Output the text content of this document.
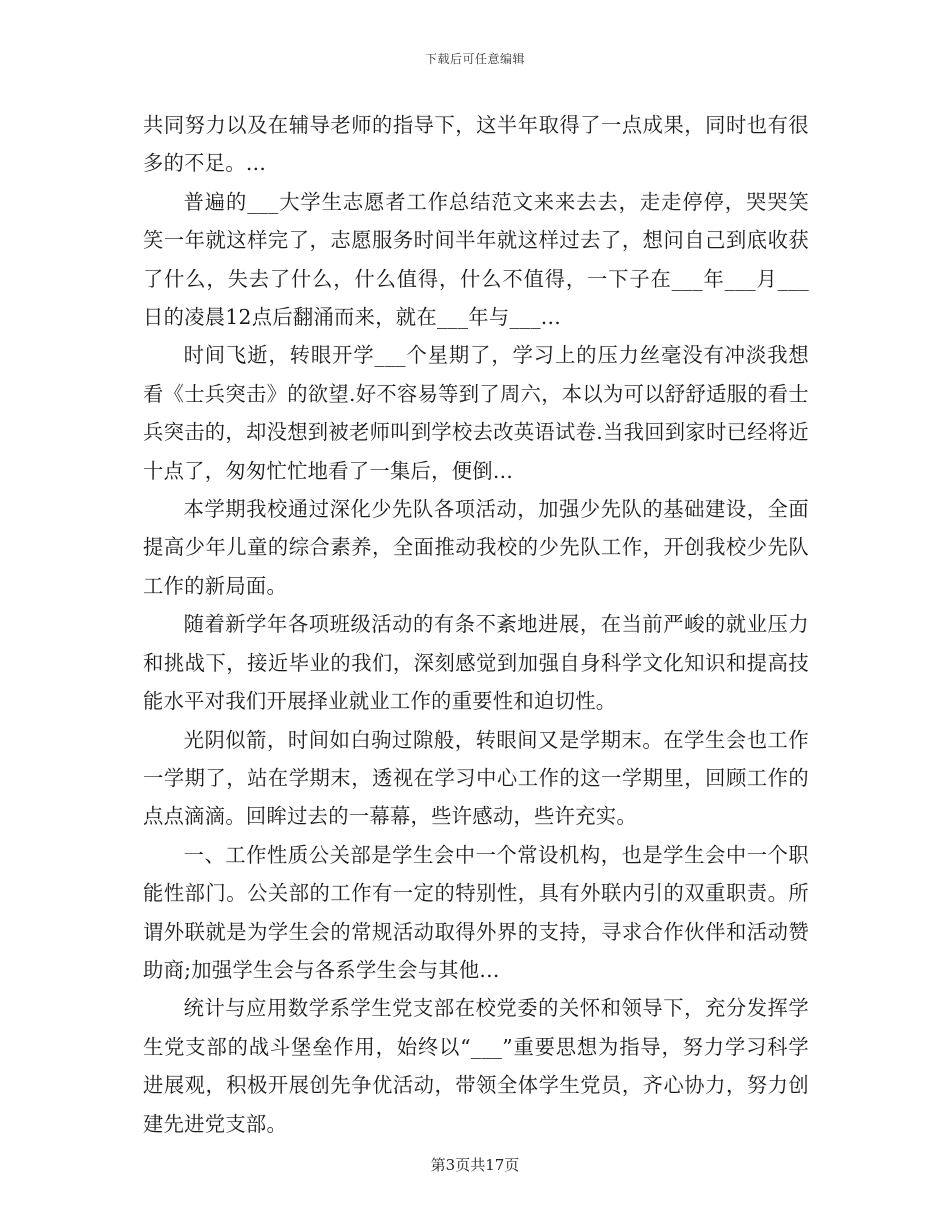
下载后可任意编辑

共同努力以及在辅导老师的指导下，这半年取得了一点成果，同时也有很多的不足。...

普遍的___大学生志愿者工作总结范文来来去去，走走停停，哭哭笑笑一年就这样完了，志愿服务时间半年就这样过去了，想问自己到底收获了什么，失去了什么，什么值得，什么不值得，一下子在___年___月___日的凌晨12点后翻涌而来，就在___年与___...

时间飞逝，转眼开学___个星期了，学习上的压力丝毫没有冲淡我想看《士兵突击》的欲望.好不容易等到了周六，本以为可以舒舒适服的看士兵突击的，却没想到被老师叫到学校去改英语试卷.当我回到家时已经将近十点了，匆匆忙忙地看了一集后，便倒...

本学期我校通过深化少先队各项活动，加强少先队的基础建设，全面提高少年儿童的综合素养，全面推动我校的少先队工作，开创我校少先队工作的新局面。

随着新学年各项班级活动的有条不紊地进展，在当前严峻的就业压力和挑战下，接近毕业的我们，深刻感觉到加强自身科学文化知识和提高技能水平对我们开展择业就业工作的重要性和迫切性。

光阴似箭，时间如白驹过隙般，转眼间又是学期末。在学生会也工作一学期了，站在学期末，透视在学习中心工作的这一学期里，回顾工作的点点滴滴。回眸过去的一幕幕，些许感动，些许充实。

一、工作性质公关部是学生会中一个常设机构，也是学生会中一个职能性部门。公关部的工作有一定的特别性，具有外联内引的双重职责。所谓外联就是为学生会的常规活动取得外界的支持，寻求合作伙伴和活动赞助商;加强学生会与各系学生会与其他...

统计与应用数学系学生党支部在校党委的关怀和领导下，充分发挥学生党支部的战斗堡垒作用，始终以“___”重要思想为指导，努力学习科学进展观，积极开展创先争优活动，带领全体学生党员，齐心协力，努力创建先进党支部。

第3页共17页
